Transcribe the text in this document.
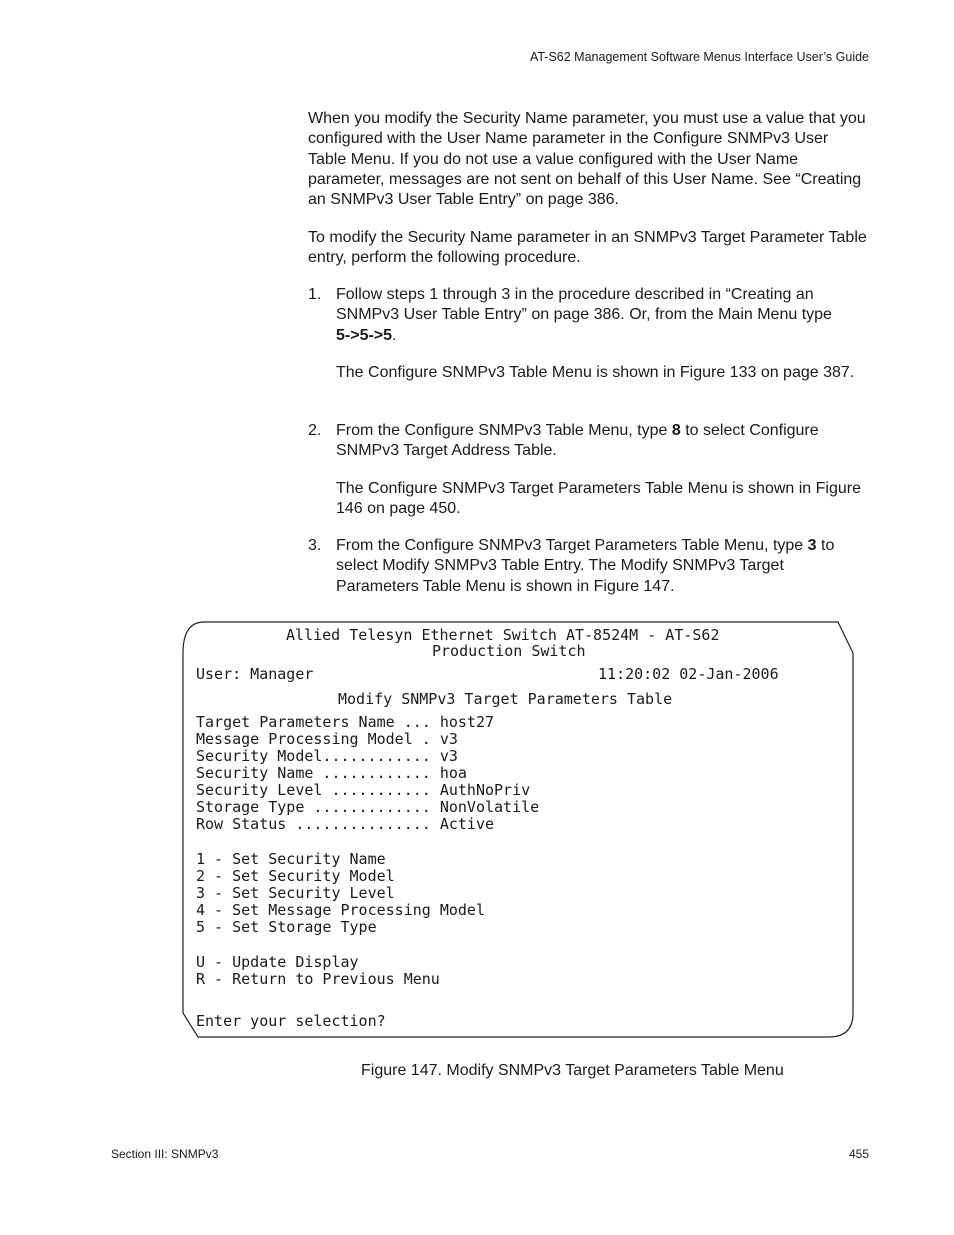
AT-S62 Management Software Menus Interface User’s Guide
When you modify the Security Name parameter, you must use a value that you configured with the User Name parameter in the Configure SNMPv3 User Table Menu. If you do not use a value configured with the User Name parameter, messages are not sent on behalf of this User Name. See “Creating an SNMPv3 User Table Entry” on page 386.
To modify the Security Name parameter in an SNMPv3 Target Parameter Table entry, perform the following procedure.
1. Follow steps 1 through 3 in the procedure described in “Creating an SNMPv3 User Table Entry” on page 386. Or, from the Main Menu type
5->5->5.
The Configure SNMPv3 Table Menu is shown in Figure 133 on page 387.
2. From the Configure SNMPv3 Table Menu, type 8 to select Configure SNMPv3 Target Address Table.
The Configure SNMPv3 Target Parameters Table Menu is shown in Figure 146 on page 450.
3. From the Configure SNMPv3 Target Parameters Table Menu, type 3 to select Modify SNMPv3 Table Entry. The Modify SNMPv3 Target Parameters Table Menu is shown in Figure 147.
Allied Telesyn Ethernet Switch AT-8524M - AT-S62
Production Switch
User: Manager	11:20:02 02-Jan-2006
Modify SNMPv3 Target Parameters Table
Target Parameters Name ... host27
Message Processing Model . v3
Security Model............ v3
Security Name ............ hoa
Security Level ........... AuthNoPriv
Storage Type ............. NonVolatile
Row Status ............... Active
1 - Set Security Name
2 - Set Security Model
3 - Set Security Level
4 - Set Message Processing Model
5 - Set Storage Type
U - Update Display
R - Return to Previous Menu
Enter your selection?
Figure 147. Modify SNMPv3 Target Parameters Table Menu
Section III: SNMPv3	455
